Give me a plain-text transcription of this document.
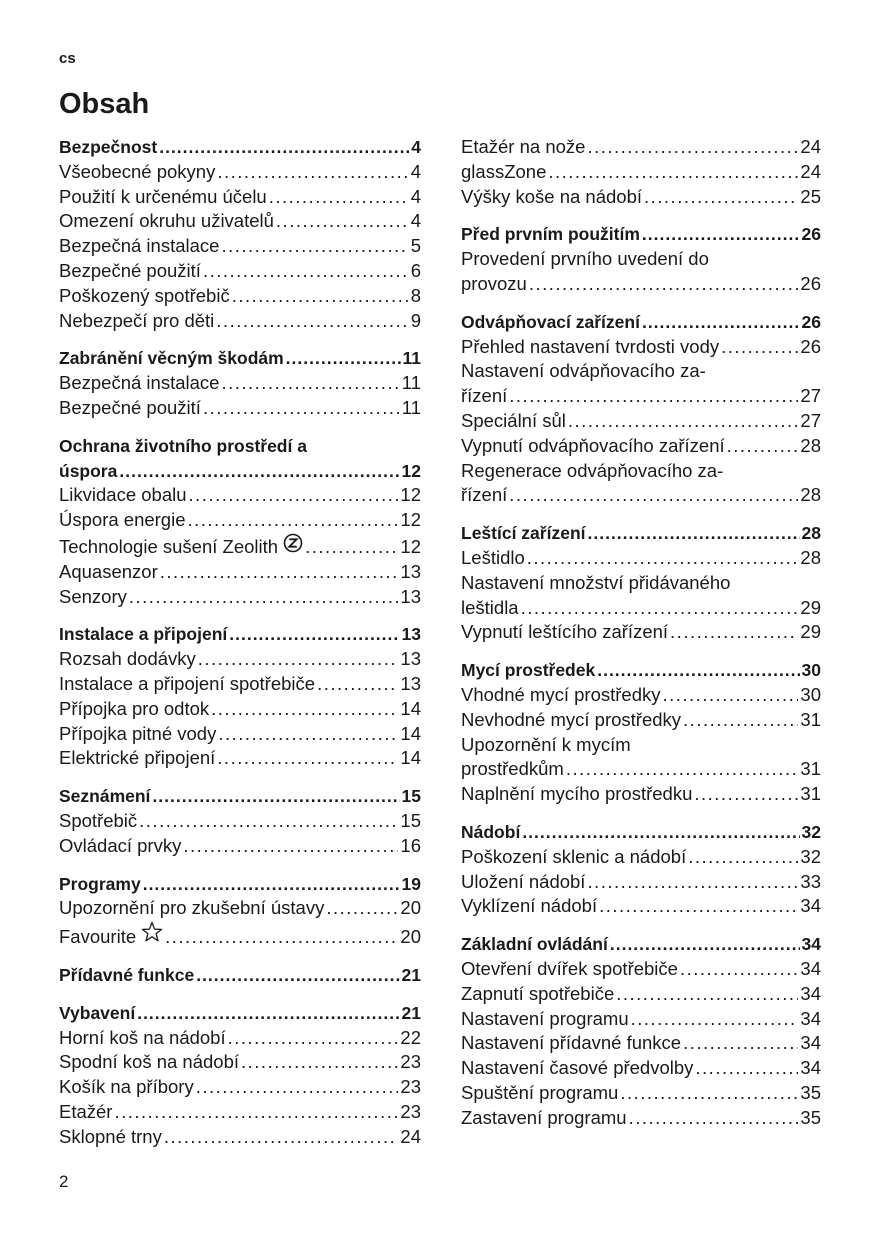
cs
Obsah
Bezpečnost .....	4
Všeobecné pokyny .....	4
Použití k určenému účelu .....	4
Omezení okruhu uživatelů .....	4
Bezpečná instalace .....	5
Bezpečné použití .....	6
Poškozený spotřebič .....	8
Nebezpečí pro děti .....	9
Zabránění věcným škodám .....	11
Bezpečná instalace .....	11
Bezpečné použití .....	11
Ochrana životního prostředí a
úspora .....	12
Likvidace obalu .....	12
Úspora energie .....	12
Technologie sušení Zeolith .....	12
Aquasenzor .....	13
Senzory .....	13
Instalace a připojení .....	13
Rozsah dodávky .....	13
Instalace a připojení spotřebiče .....	13
Přípojka pro odtok .....	14
Přípojka pitné vody .....	14
Elektrické připojení .....	14
Seznámení .....	15
Spotřebič .....	15
Ovládací prvky .....	16
Programy .....	19
Upozornění pro zkušební ústavy .....	20
Favourite .....	20
Přídavné funkce .....	21
Vybavení .....	21
Horní koš na nádobí .....	22
Spodní koš na nádobí .....	23
Košík na příbory .....	23
Etažér .....	23
Sklopné trny .....	24
Etažér na nože .....	24
glassZone .....	24
Výšky koše na nádobí .....	25
Před prvním použitím .....	26
Provedení prvního uvedení do
provozu .....	26
Odvápňovací zařízení .....	26
Přehled nastavení tvrdosti vody .....	26
Nastavení odvápňovacího za-
řízení .....	27
Speciální sůl .....	27
Vypnutí odvápňovacího zařízení .....	28
Regenerace odvápňovacího za-
řízení .....	28
Leštící zařízení .....	28
Leštidlo .....	28
Nastavení množství přidávaného
leštidla .....	29
Vypnutí leštícího zařízení .....	29
Mycí prostředek .....	30
Vhodné mycí prostředky .....	30
Nevhodné mycí prostředky .....	31
Upozornění k mycím
prostředkům .....	31
Naplnění mycího prostředku .....	31
Nádobí .....	32
Poškození sklenic a nádobí .....	32
Uložení nádobí .....	33
Vyklízení nádobí .....	34
Základní ovládání .....	34
Otevření dvířek spotřebiče .....	34
Zapnutí spotřebiče .....	34
Nastavení programu .....	34
Nastavení přídavné funkce .....	34
Nastavení časové předvolby .....	34
Spuštění programu .....	35
Zastavení programu .....	35
2
